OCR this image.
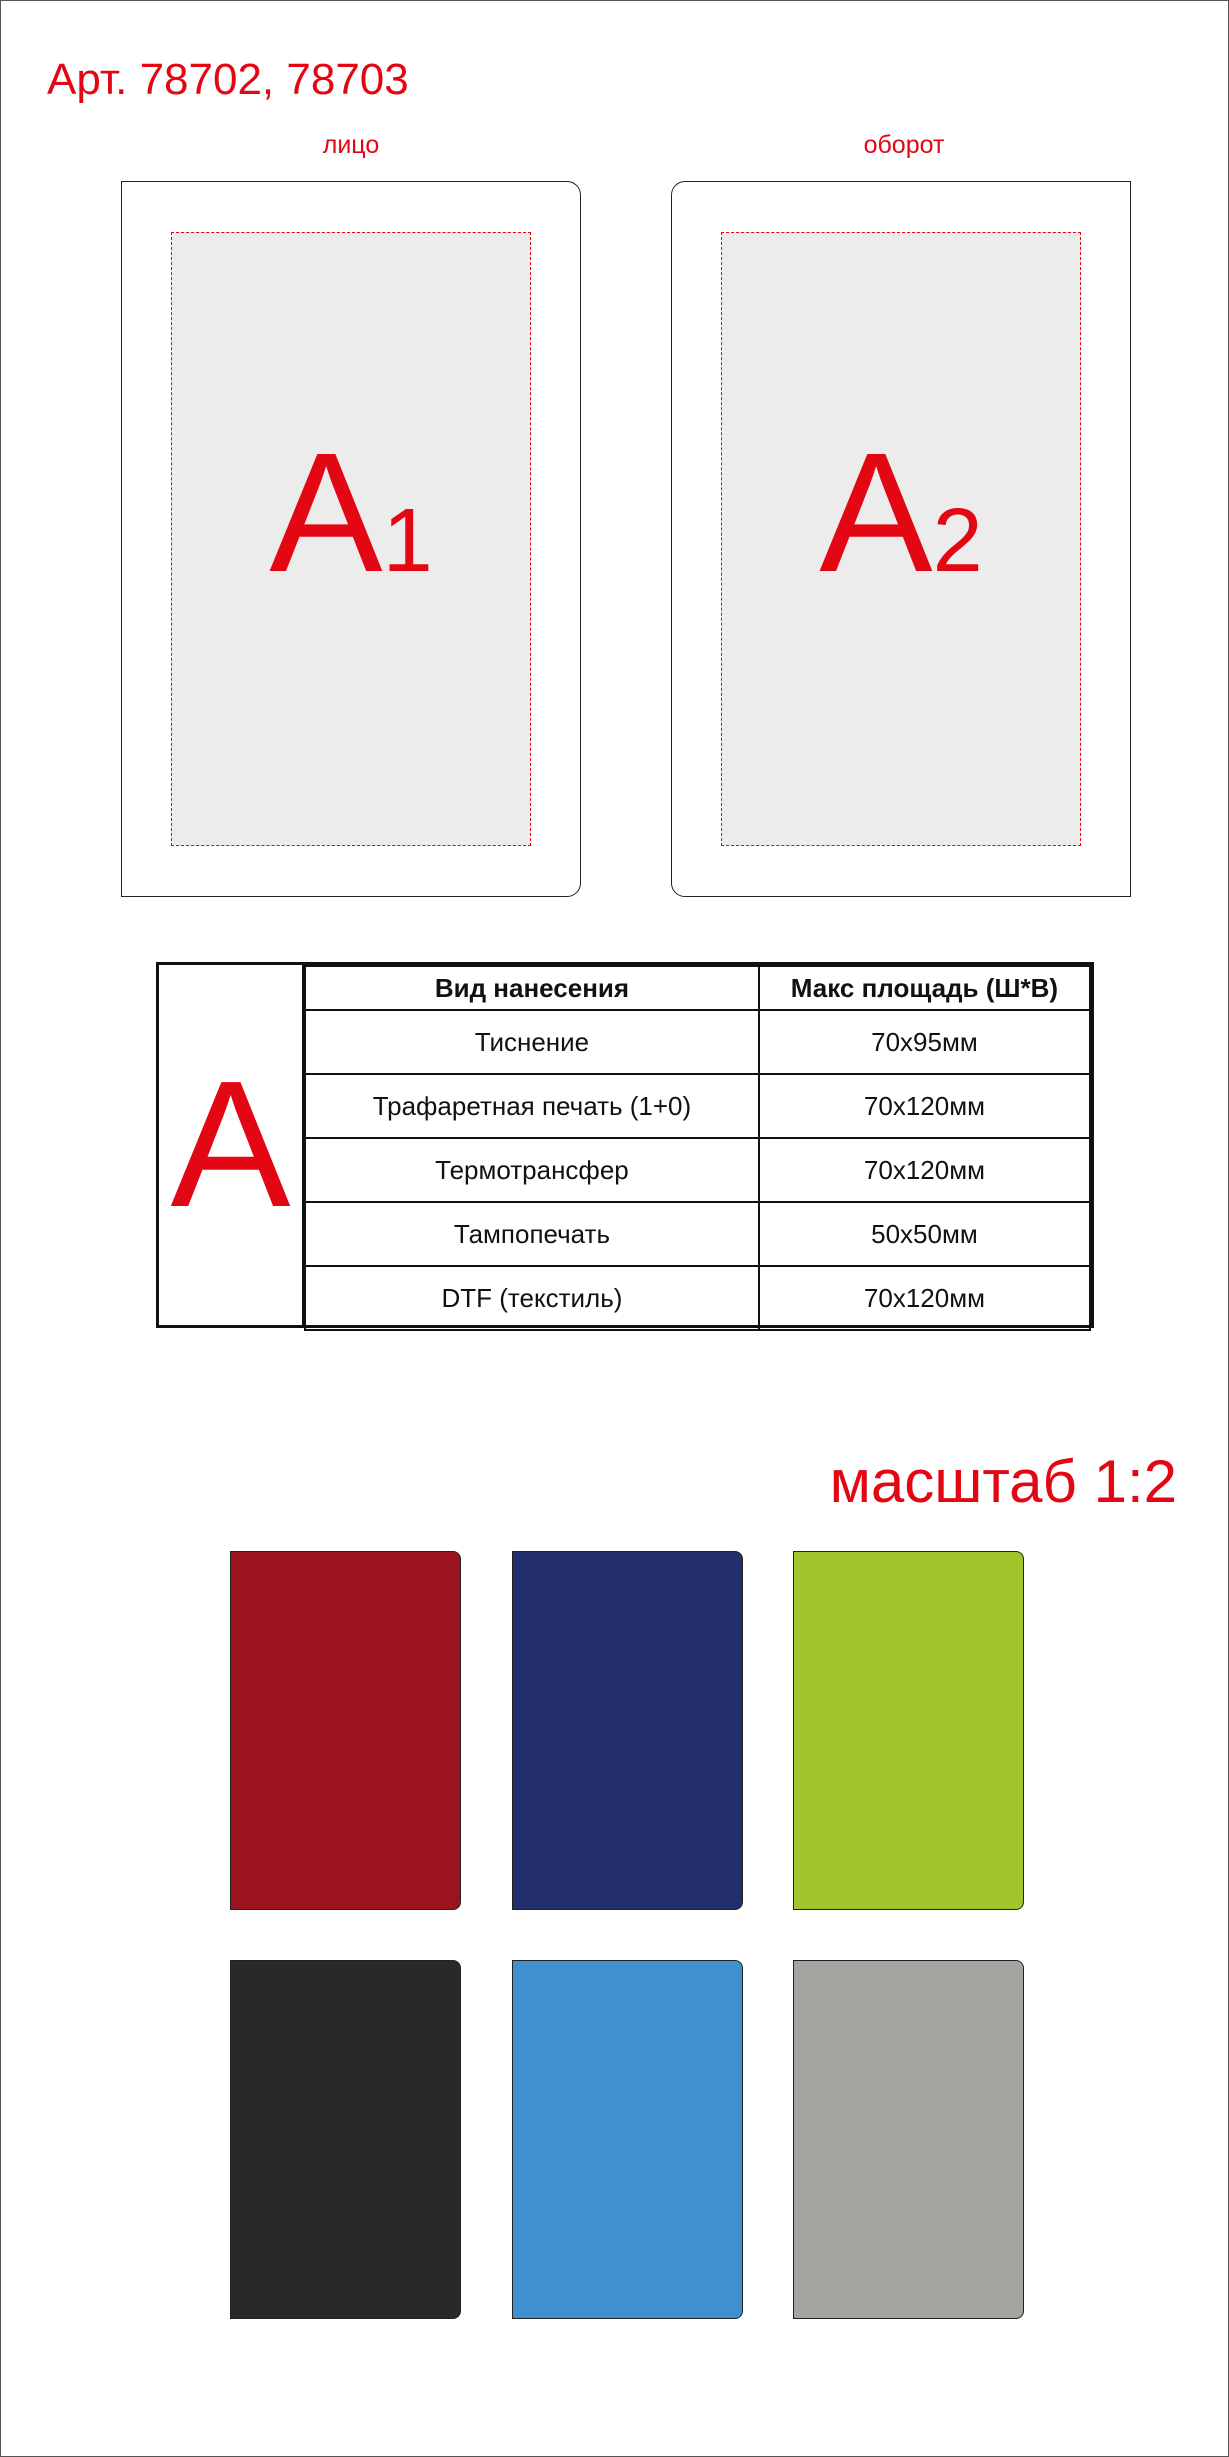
Арт. 78702, 78703
лицо	оборот
A1	A2
A
Вид нанесения	Макс площадь (Ш*В)
Тиснение	70х95мм
Трафаретная печать (1+0)	70х120мм
Термотрансфер	70х120мм
Тампопечать	50х50мм
DTF (текстиль)	70х120мм
масштаб 1:2
